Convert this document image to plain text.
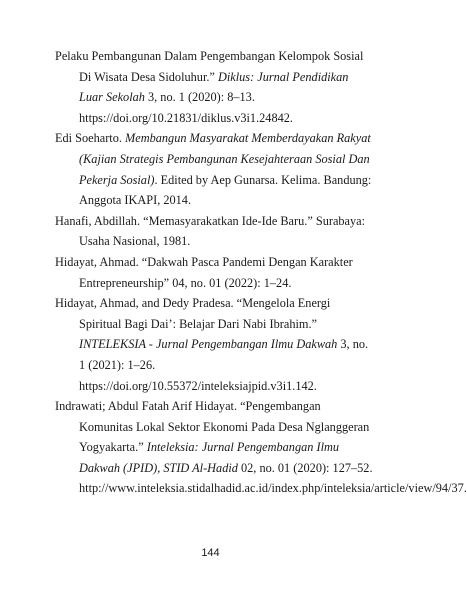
Pelaku Pembangunan Dalam Pengembangan Kelompok Sosial Di Wisata Desa Sidoluhur.” Diklus: Jurnal Pendidikan Luar Sekolah 3, no. 1 (2020): 8–13. https://doi.org/10.21831/diklus.v3i1.24842.

Edi Soeharto. Membangun Masyarakat Memberdayakan Rakyat (Kajian Strategis Pembangunan Kesejahteraan Sosial Dan Pekerja Sosial). Edited by Aep Gunarsa. Kelima. Bandung: Anggota IKAPI, 2014.

Hanafi, Abdillah. “Memasyarakatkan Ide-Ide Baru.” Surabaya: Usaha Nasional, 1981.

Hidayat, Ahmad. “Dakwah Pasca Pandemi Dengan Karakter Entrepreneurship” 04, no. 01 (2022): 1–24.

Hidayat, Ahmad, and Dedy Pradesa. “Mengelola Energi Spiritual Bagi Dai’: Belajar Dari Nabi Ibrahim.” INTELEKSIA - Jurnal Pengembangan Ilmu Dakwah 3, no. 1 (2021): 1–26. https://doi.org/10.55372/inteleksiajpid.v3i1.142.

Indrawati; Abdul Fatah Arif Hidayat. “Pengembangan Komunitas Lokal Sektor Ekonomi Pada Desa Nglanggeran Yogyakarta.” Inteleksia: Jurnal Pengembangan Ilmu Dakwah (JPID), STID Al-Hadid 02, no. 01 (2020): 127–52. http://www.inteleksia.stidalhadid.ac.id/index.php/inteleksia/article/view/94/37.

144
